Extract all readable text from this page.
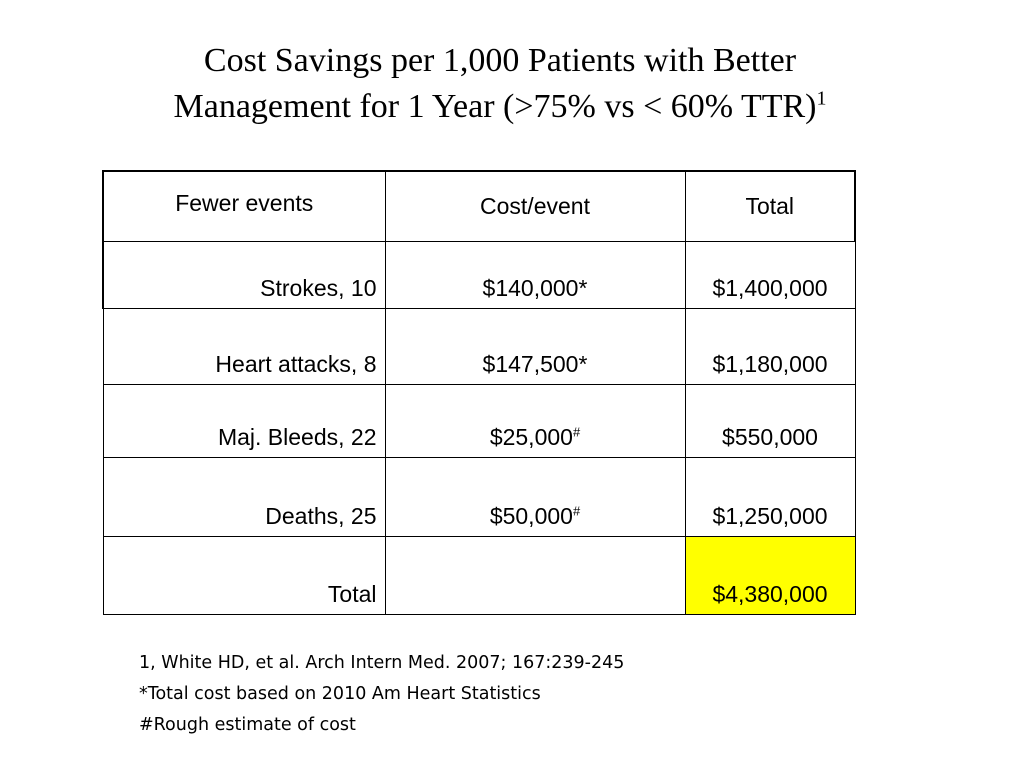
Cost Savings per 1,000 Patients with Better
Management for 1 Year (>75% vs < 60% TTR)$^1$
Fewer events	Cost/event	Total
Strokes, 10	$140,000*	$1,400,000
Heart attacks, 8	$147,500*	$1,180,000
Maj. Bleeds, 22	$25,000#	$550,000
Deaths, 25	$50,000#	$1,250,000
Total		$4,380,000
1, White HD, et al. Arch Intern Med. 2007; 167:239-245
*Total cost based on 2010 Am Heart Statistics
#Rough estimate of cost
